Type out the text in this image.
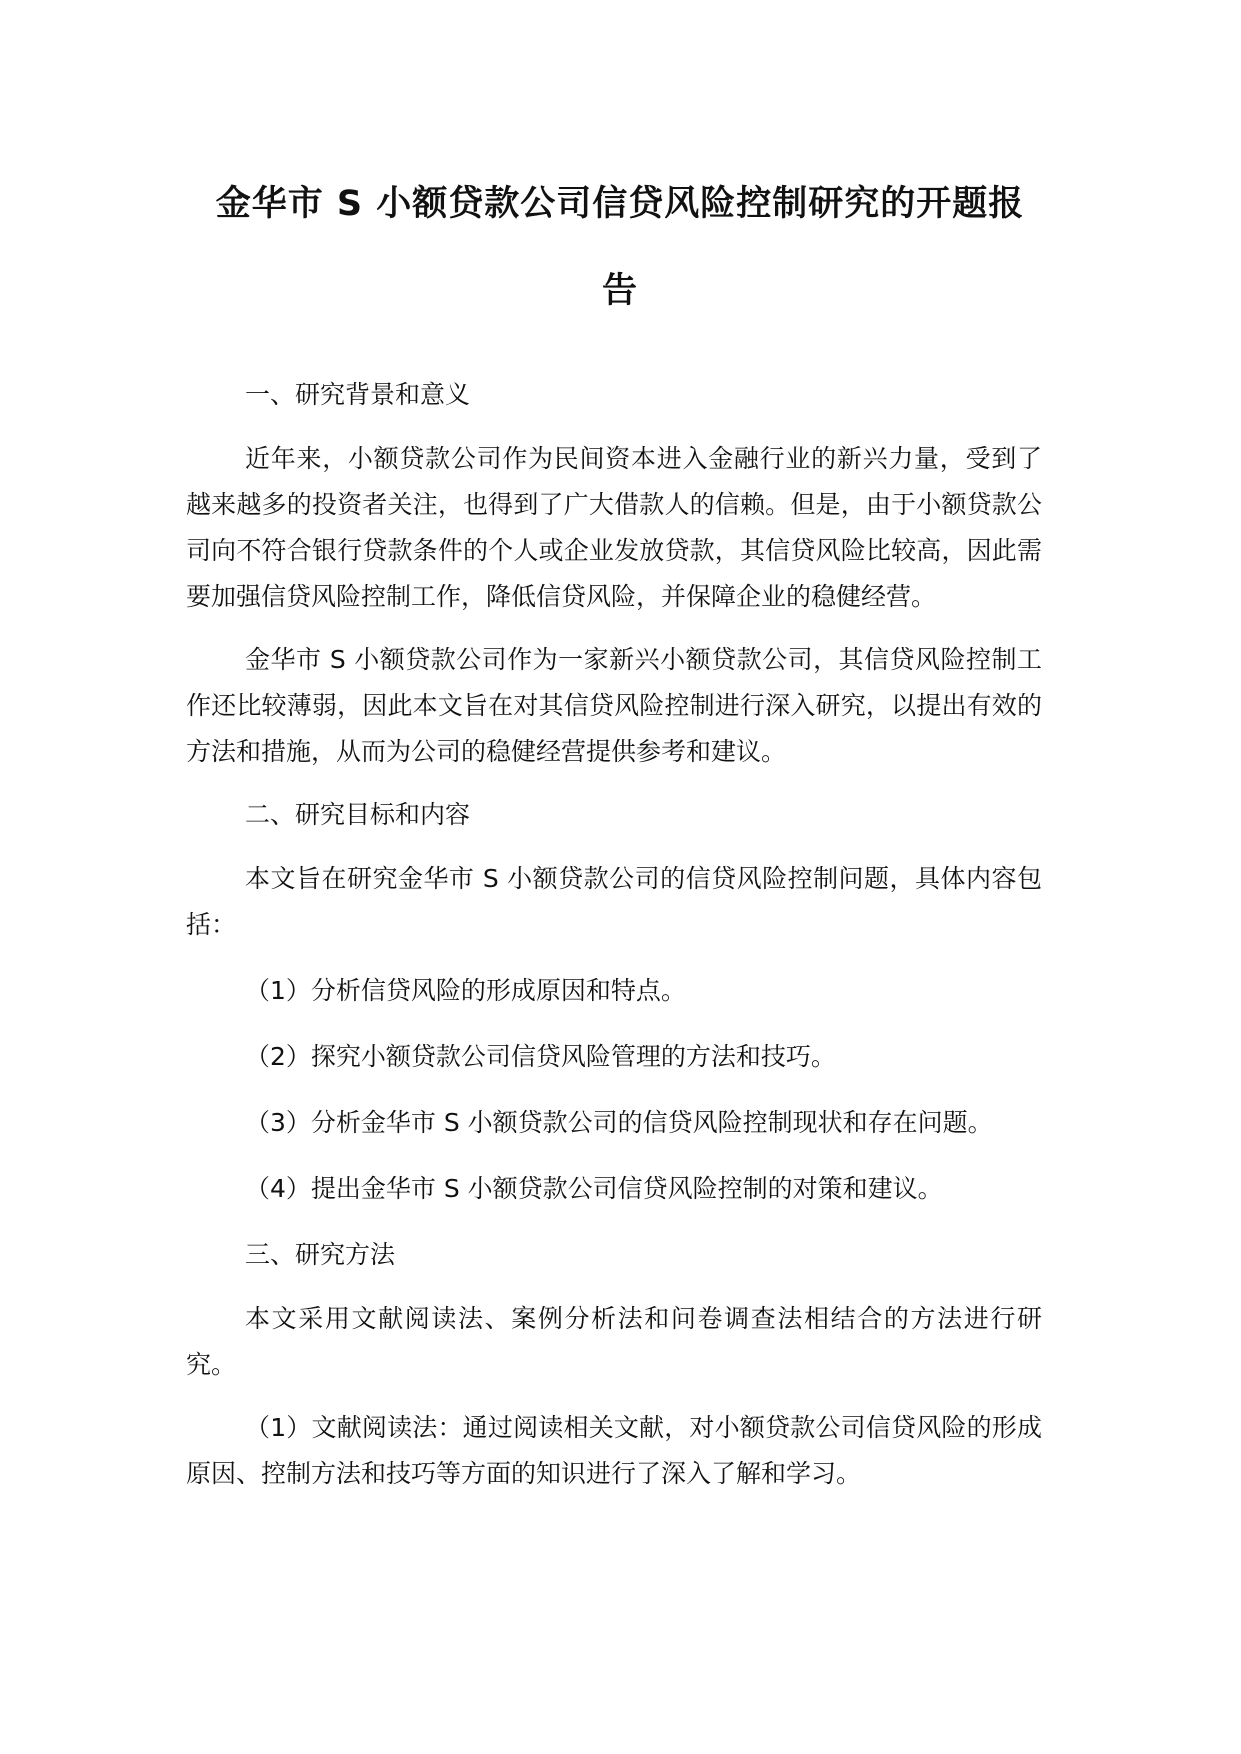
金华市 S 小额贷款公司信贷风险控制研究的开题报
告

一、研究背景和意义

近年来，小额贷款公司作为民间资本进入金融行业的新兴力量，受到了越来越多的投资者关注，也得到了广大借款人的信赖。但是，由于小额贷款公司向不符合银行贷款条件的个人或企业发放贷款，其信贷风险比较高，因此需要加强信贷风险控制工作，降低信贷风险，并保障企业的稳健经营。

金华市 S 小额贷款公司作为一家新兴小额贷款公司，其信贷风险控制工作还比较薄弱，因此本文旨在对其信贷风险控制进行深入研究，以提出有效的方法和措施，从而为公司的稳健经营提供参考和建议。

二、研究目标和内容

本文旨在研究金华市 S 小额贷款公司的信贷风险控制问题，具体内容包括：

（1）分析信贷风险的形成原因和特点。

（2）探究小额贷款公司信贷风险管理的方法和技巧。

（3）分析金华市 S 小额贷款公司的信贷风险控制现状和存在问题。

（4）提出金华市 S 小额贷款公司信贷风险控制的对策和建议。

三、研究方法

本文采用文献阅读法、案例分析法和问卷调查法相结合的方法进行研究。

（1）文献阅读法：通过阅读相关文献，对小额贷款公司信贷风险的形成原因、控制方法和技巧等方面的知识进行了深入了解和学习。
